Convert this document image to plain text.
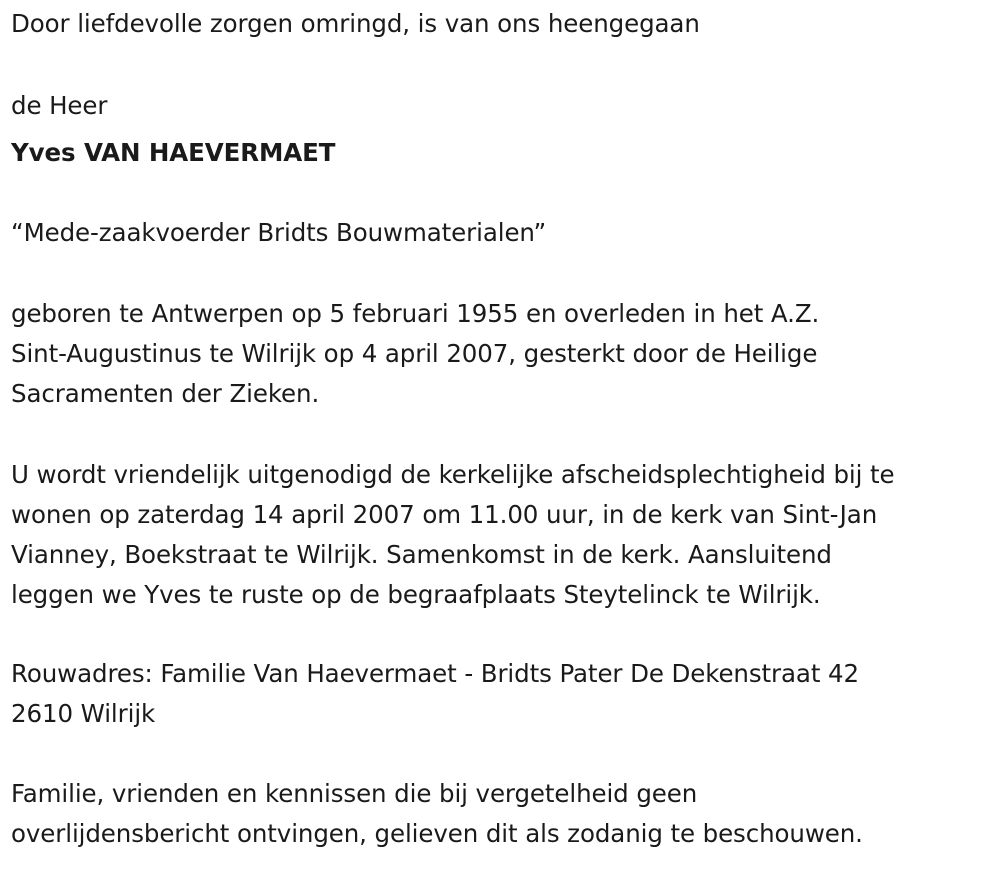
Door liefdevolle zorgen omringd, is van ons heengegaan
de Heer
Yves VAN HAEVERMAET
“Mede-zaakvoerder Bridts Bouwmaterialen”
geboren te Antwerpen op 5 februari 1955 en overleden in het A.Z.
Sint-Augustinus te Wilrijk op 4 april 2007, gesterkt door de Heilige
Sacramenten der Zieken.
U wordt vriendelijk uitgenodigd de kerkelijke afscheidsplechtigheid bij te
wonen op zaterdag 14 april 2007 om 11.00 uur, in de kerk van Sint-Jan
Vianney, Boekstraat te Wilrijk. Samenkomst in de kerk. Aansluitend
leggen we Yves te ruste op de begraafplaats Steytelinck te Wilrijk.
Rouwadres: Familie Van Haevermaet - Bridts Pater De Dekenstraat 42
2610 Wilrijk
Familie, vrienden en kennissen die bij vergetelheid geen
overlijdensbericht ontvingen, gelieven dit als zodanig te beschouwen.
